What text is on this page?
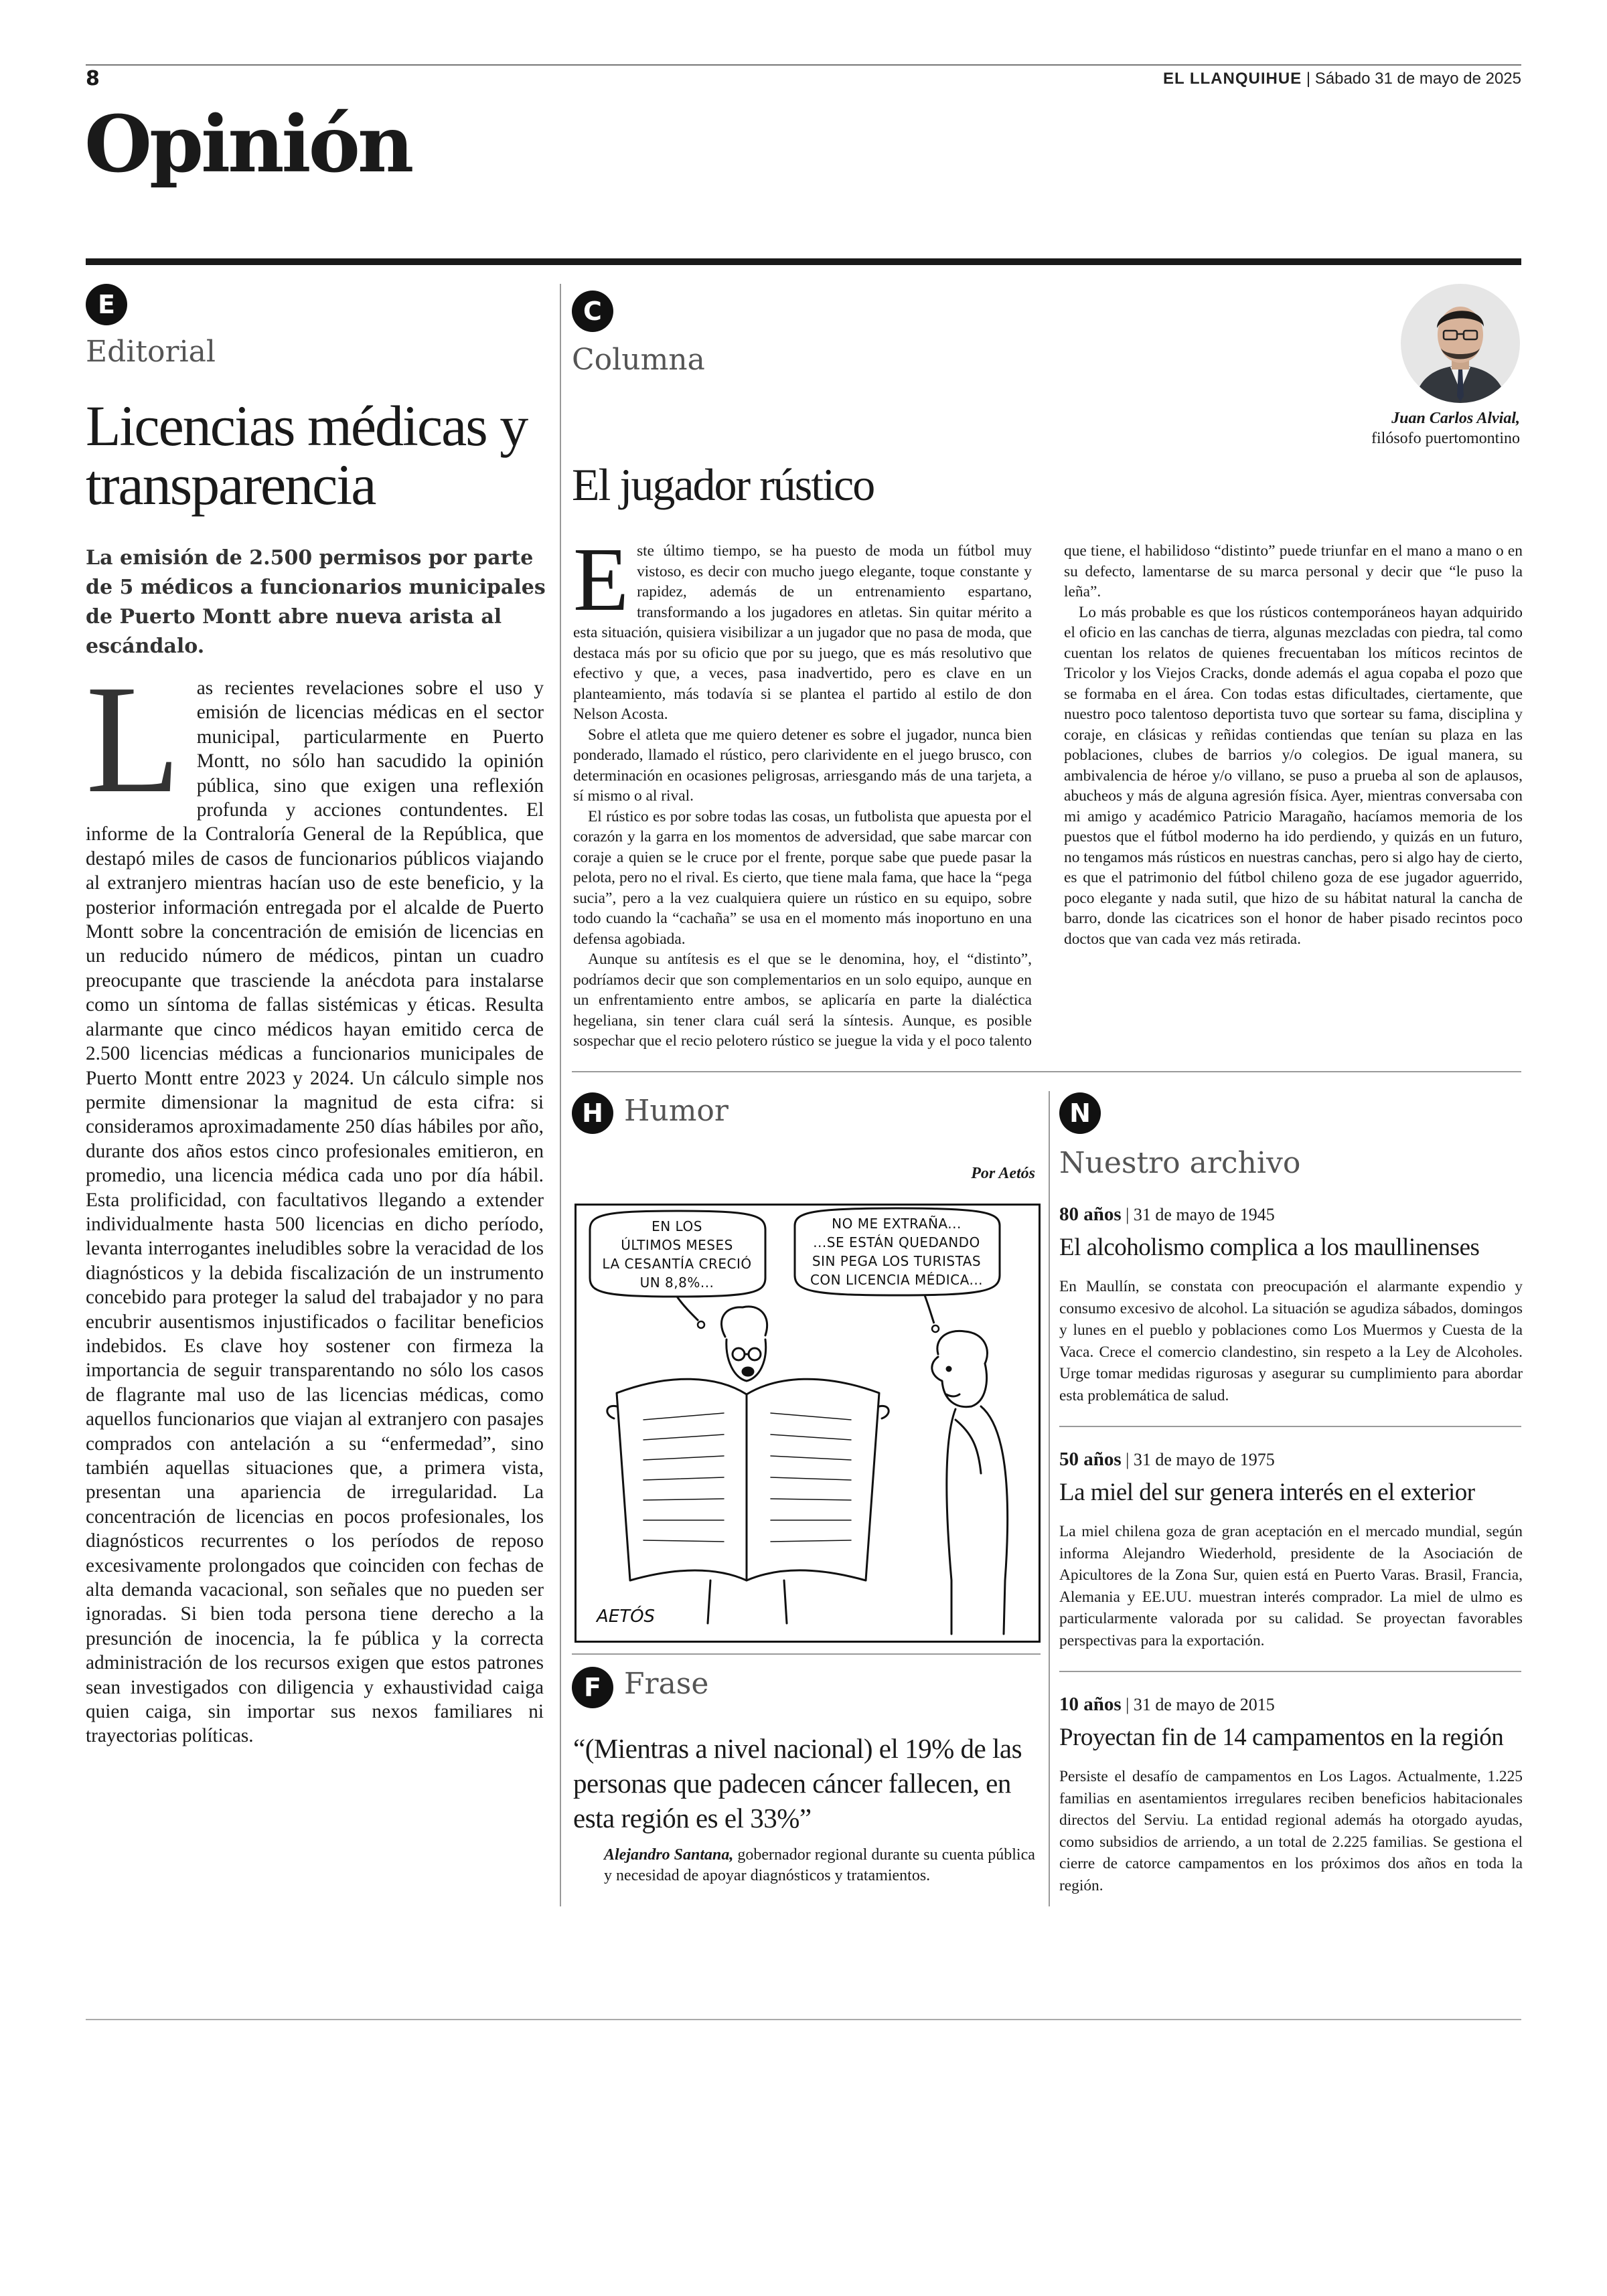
8	EL LLANQUIHUE | Sábado 31 de mayo de 2025
Opinión
E
Editorial
Licencias médicas y transparencia
La emisión de 2.500 permisos por parte de 5 médicos a funcionarios municipales de Puerto Montt abre nueva arista al escándalo.
Las recientes revelaciones sobre el uso y emisión de licencias médicas en el sector municipal, particularmente en Puerto Montt, no sólo han sacudido la opinión pública, sino que exigen una reflexión profunda y acciones contundentes. El informe de la Contraloría General de la República, que destapó miles de casos de funcionarios públicos viajando al extranjero mientras hacían uso de este beneficio, y la posterior información entregada por el alcalde de Puerto Montt sobre la concentración de emisión de licencias en un reducido número de médicos, pintan un cuadro preocupante que trasciende la anécdota para instalarse como un síntoma de fallas sistémicas y éticas. Resulta alarmante que cinco médicos hayan emitido cerca de 2.500 licencias médicas a funcionarios municipales de Puerto Montt entre 2023 y 2024. Un cálculo simple nos permite dimensionar la magnitud de esta cifra: si consideramos aproximadamente 250 días hábiles por año, durante dos años estos cinco profesionales emitieron, en promedio, una licencia médica cada uno por día hábil. Esta prolificidad, con facultativos llegando a extender individualmente hasta 500 licencias en dicho período, levanta interrogantes ineludibles sobre la veracidad de los diagnósticos y la debida fiscalización de un instrumento concebido para proteger la salud del trabajador y no para encubrir ausentismos injustificados o facilitar beneficios indebidos. Es clave hoy sostener con firmeza la importancia de seguir transparentando no sólo los casos de flagrante mal uso de las licencias médicas, como aquellos funcionarios que viajan al extranjero con pasajes comprados con antelación a su “enfermedad”, sino también aquellas situaciones que, a primera vista, presentan una apariencia de irregularidad. La concentración de licencias en pocos profesionales, los diagnósticos recurrentes o los períodos de reposo excesivamente prolongados que coinciden con fechas de alta demanda vacacional, son señales que no pueden ser ignoradas. Si bien toda persona tiene derecho a la presunción de inocencia, la fe pública y la correcta administración de los recursos exigen que estos patrones sean investigados con diligencia y exhaustividad caiga quien caiga, sin importar sus nexos familiares ni trayectorias políticas.
C
Columna
Juan Carlos Alvial,
filósofo puertomontino
El jugador rústico

Este último tiempo, se ha puesto de moda un fútbol muy vistoso, es decir con mucho juego elegante, toque constante y rapidez, además de un entrenamiento espartano, transformando a los jugadores en atletas. Sin quitar mérito a esta situación, quisiera visibilizar a un jugador que no pasa de moda, que destaca más por su oficio que por su juego, que es más resolutivo que efectivo y que, a veces, pasa inadvertido, pero es clave en un planteamiento, más todavía si se plantea el partido al estilo de don Nelson Acosta.

Sobre el atleta que me quiero detener es sobre el jugador, nunca bien ponderado, llamado el rústico, pero clarividente en el juego brusco, con determinación en ocasiones peligrosas, arriesgando más de una tarjeta, a sí mismo o al rival.

El rústico es por sobre todas las cosas, un futbolista que apuesta por el corazón y la garra en los momentos de adversidad, que sabe marcar con coraje a quien se le cruce por el frente, porque sabe que puede pasar la pelota, pero no el rival. Es cierto, que tiene mala fama, que hace la “pega sucia”, pero a la vez cualquiera quiere un rústico en su equipo, sobre todo cuando la “cachaña” se usa en el momento más inoportuno en una defensa agobiada.

Aunque su antítesis es el que se le denomina, hoy, el “distinto”, podríamos decir que son complementarios en un solo equipo, aunque en un enfrentamiento entre ambos, se aplicaría en parte la dialéctica hegeliana, sin tener clara cuál será la síntesis. Aunque, es posible sospechar que el recio pelotero rústico se juegue la vida y el poco talento que tiene, el habilidoso “distinto” puede triunfar en el mano a mano o en su defecto, lamentarse de su marca personal y decir que “le puso la leña”.

Lo más probable es que los rústicos contemporáneos hayan adquirido el oficio en las canchas de tierra, algunas mezcladas con piedra, tal como cuentan los relatos de quienes frecuentaban los míticos recintos de Tricolor y los Viejos Cracks, donde además el agua copaba el pozo que se formaba en el área. Con todas estas dificultades, ciertamente, que nuestro poco talentoso deportista tuvo que sortear su fama, disciplina y coraje, en clásicas y reñidas contiendas que tenían su plaza en las poblaciones, clubes de barrios y/o colegios. De igual manera, su ambivalencia de héroe y/o villano, se puso a prueba al son de aplausos, abucheos y más de alguna agresión física. Ayer, mientras conversaba con mi amigo y académico Patricio Maragaño, hacíamos memoria de los puestos que el fútbol moderno ha ido perdiendo, y quizás en un futuro, no tengamos más rústicos en nuestras canchas, pero si algo hay de cierto, es que el patrimonio del fútbol chileno goza de ese jugador aguerrido, poco elegante y nada sutil, que hizo de su hábitat natural la cancha de barro, donde las cicatrices son el honor de haber pisado recintos poco doctos que van cada vez más retirada.

H Humor
Por Aetós
EN LOS
ÚLTIMOS MESES
LA CESANTÍA CRECIÓ
UN 8,8%...
NO ME EXTRAÑA...
...SE ESTÁN QUEDANDO
SIN PEGA LOS TURISTAS
CON LICENCIA MÉDICA...
AETÓS
F Frase
“(Mientras a nivel nacional) el 19% de las personas que padecen cáncer fallecen, en esta región es el 33%”
Alejandro Santana, gobernador regional durante su cuenta pública y necesidad de apoyar diagnósticos y tratamientos.
N
Nuestro archivo
80 años | 31 de mayo de 1945
El alcoholismo complica a los maullinenses
En Maullín, se constata con preocupación el alarmante expendio y consumo excesivo de alcohol. La situación se agudiza sábados, domingos y lunes en el pueblo y poblaciones como Los Muermos y Cuesta de la Vaca. Crece el comercio clandestino, sin respeto a la Ley de Alcoholes. Urge tomar medidas rigurosas y asegurar su cumplimiento para abordar esta problemática de salud.
50 años | 31 de mayo de 1975
La miel del sur genera interés en el exterior
La miel chilena goza de gran aceptación en el mercado mundial, según informa Alejandro Wiederhold, presidente de la Asociación de Apicultores de la Zona Sur, quien está en Puerto Varas. Brasil, Francia, Alemania y EE.UU. muestran interés comprador. La miel de ulmo es particularmente valorada por su calidad. Se proyectan favorables perspectivas para la exportación.
10 años | 31 de mayo de 2015
Proyectan fin de 14 campamentos en la región
Persiste el desafío de campamentos en Los Lagos. Actualmente, 1.225 familias en asentamientos irregulares reciben beneficios habitacionales directos del Serviu. La entidad regional además ha otorgado ayudas, como subsidios de arriendo, a un total de 2.225 familias. Se gestiona el cierre de catorce campamentos en los próximos dos años en toda la región.
